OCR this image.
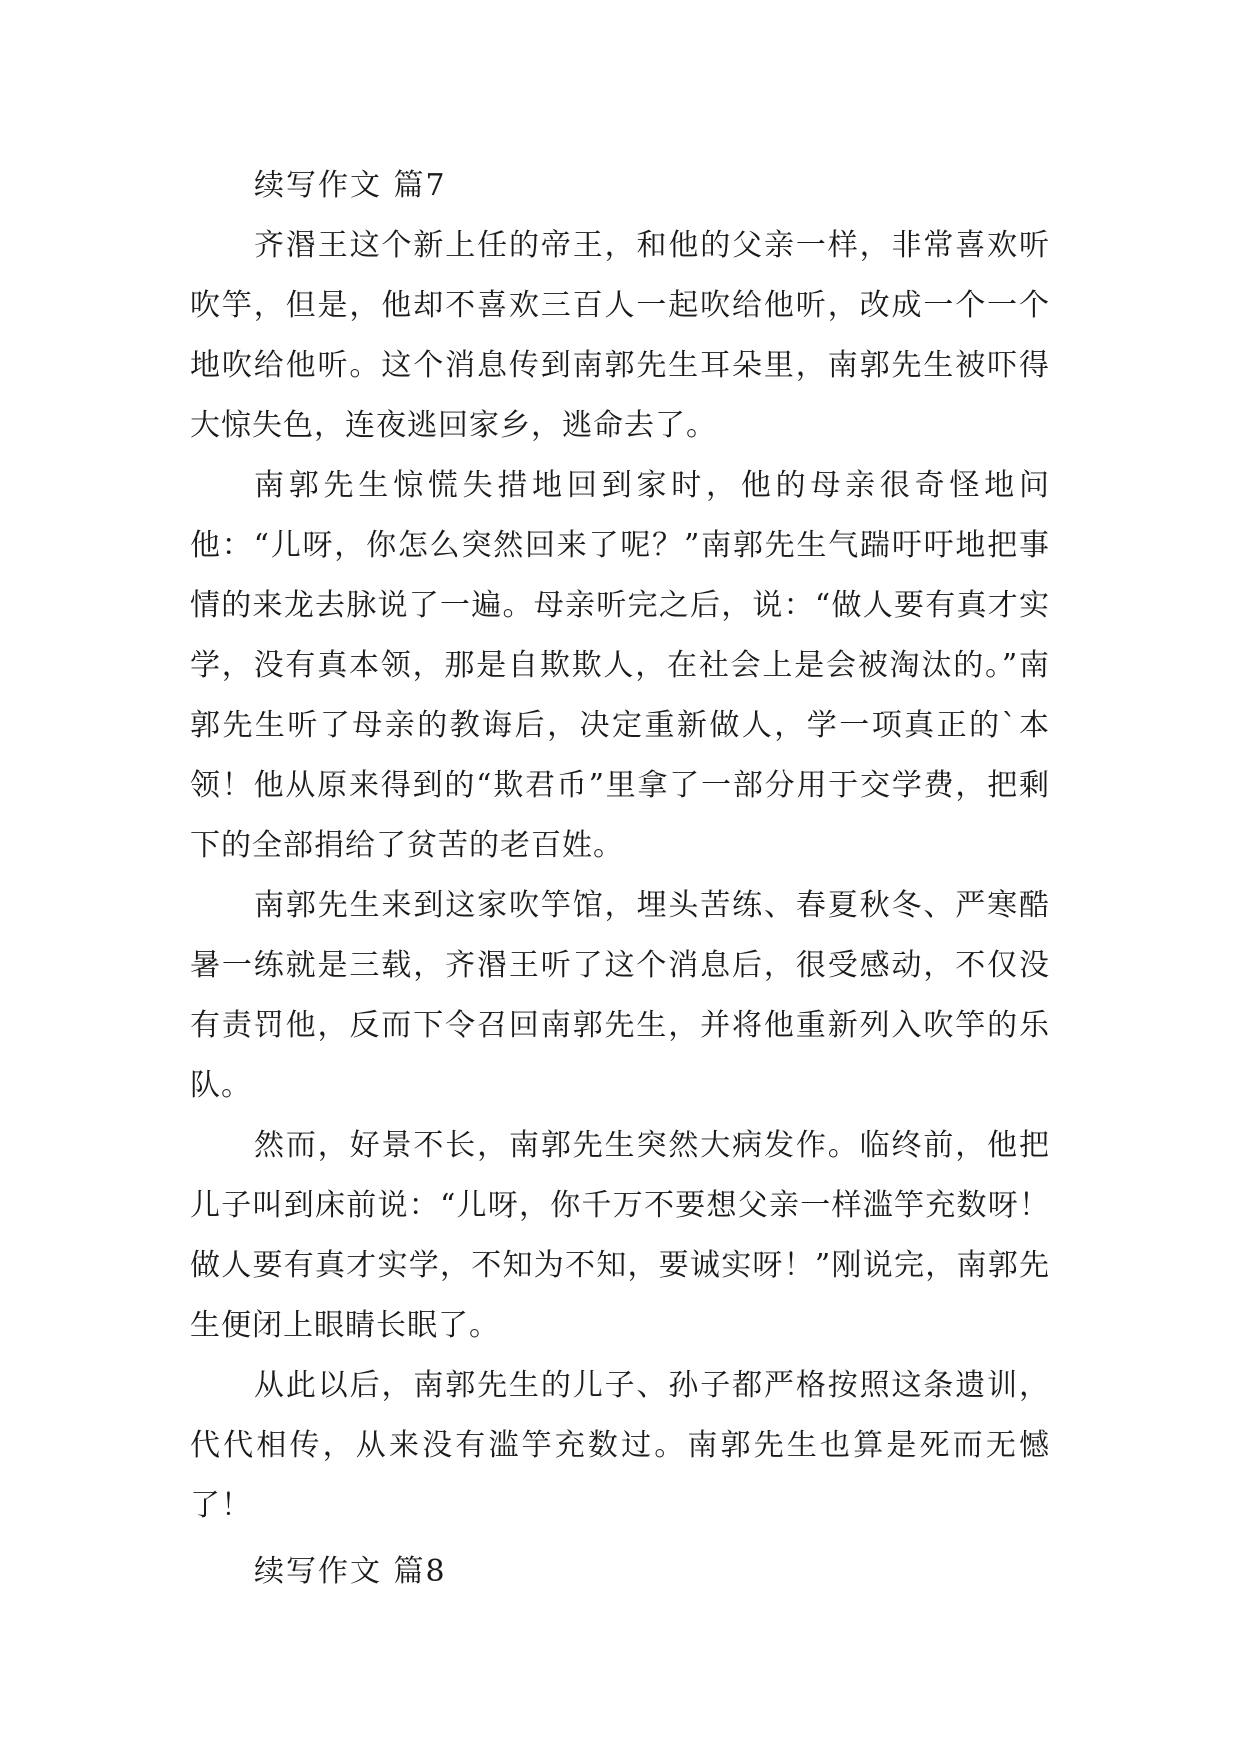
续写作文 篇7

齐湣王这个新上任的帝王，和他的父亲一样，非常喜欢听吹竽，但是，他却不喜欢三百人一起吹给他听，改成一个一个地吹给他听。这个消息传到南郭先生耳朵里，南郭先生被吓得大惊失色，连夜逃回家乡，逃命去了。

南郭先生惊慌失措地回到家时，他的母亲很奇怪地问他：“儿呀，你怎么突然回来了呢？”南郭先生气踹吁吁地把事情的来龙去脉说了一遍。母亲听完之后，说：“做人要有真才实学，没有真本领，那是自欺欺人，在社会上是会被淘汰的。”南郭先生听了母亲的教诲后，决定重新做人，学一项真正的`本领！他从原来得到的“欺君币”里拿了一部分用于交学费，把剩下的全部捐给了贫苦的老百姓。

南郭先生来到这家吹竽馆，埋头苦练、春夏秋冬、严寒酷暑一练就是三载，齐湣王听了这个消息后，很受感动，不仅没有责罚他，反而下令召回南郭先生，并将他重新列入吹竽的乐队。

然而，好景不长，南郭先生突然大病发作。临终前，他把儿子叫到床前说：“儿呀，你千万不要想父亲一样滥竽充数呀！做人要有真才实学，不知为不知，要诚实呀！”刚说完，南郭先生便闭上眼睛长眠了。

从此以后，南郭先生的儿子、孙子都严格按照这条遗训，代代相传，从来没有滥竽充数过。南郭先生也算是死而无憾了！

续写作文 篇8
